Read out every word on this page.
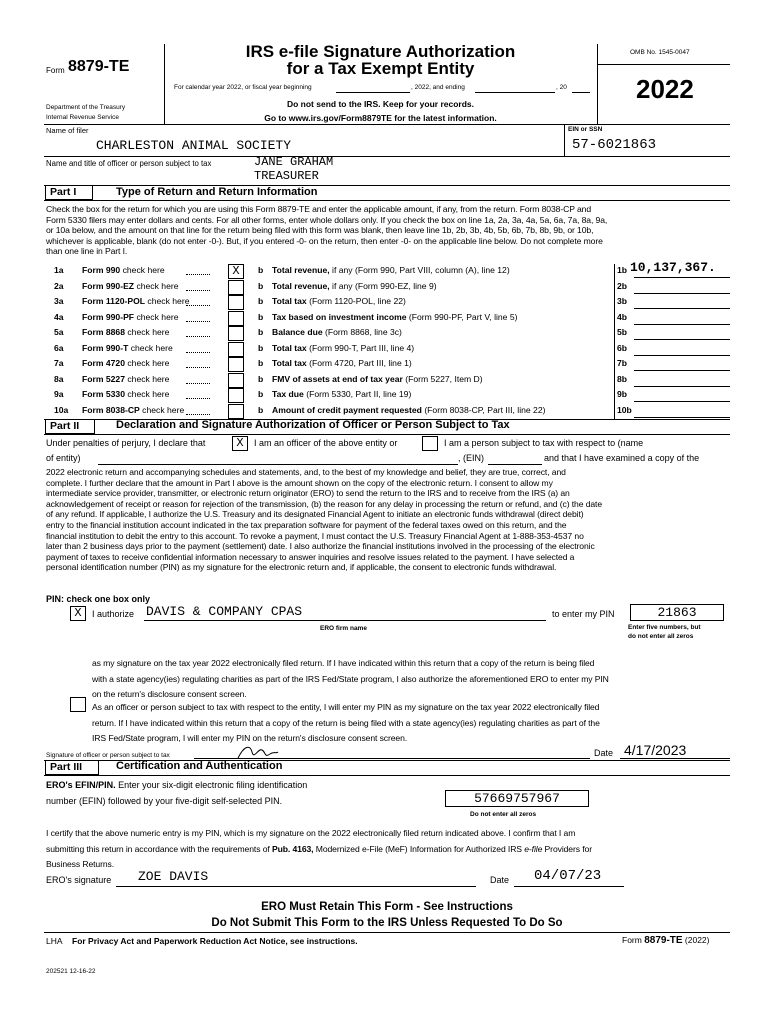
Form 8879-TE
Department of the Treasury
Internal Revenue Service
IRS e-file Signature Authorization
for a Tax Exempt Entity
For calendar year 2022, or fiscal year beginning	, 2022, and ending	, 20
Do not send to the IRS. Keep for your records.
Go to www.irs.gov/Form8879TE for the latest information.
OMB No. 1545-0047
2022
Name of filer	EIN or SSN
CHARLESTON ANIMAL SOCIETY	57-6021863
Name and title of officer or person subject to tax	JANE GRAHAM
TREASURER
Part I	Type of Return and Return Information
Check the box for the return for which you are using this Form 8879-TE and enter the applicable amount, if any, from the return. Form 8038-CP and
Form 5330 filers may enter dollars and cents. For all other forms, enter whole dollars only. If you check the box on line 1a, 2a, 3a, 4a, 5a, 6a, 7a, 8a, 9a,
or 10a below, and the amount on that line for the return being filed with this form was blank, then leave line 1b, 2b, 3b, 4b, 5b, 6b, 7b, 8b, 9b, or 10b,
whichever is applicable, blank (do not enter -0-). But, if you entered -0- on the return, then enter -0- on the applicable line below. Do not complete more
than one line in Part I.
1a Form 990 check here	X	b Total revenue, if any (Form 990, Part VIII, column (A), line 12)	1b 10,137,367.
2a Form 990-EZ check here	b Total revenue, if any (Form 990-EZ, line 9)	2b
3a Form 1120-POL check here	b Total tax (Form 1120-POL, line 22)	3b
4a Form 990-PF check here	b Tax based on investment income (Form 990-PF, Part V, line 5)	4b
5a Form 8868 check here	b Balance due (Form 8868, line 3c)	5b
6a Form 990-T check here	b Total tax (Form 990-T, Part III, line 4)	6b
7a Form 4720 check here	b Total tax (Form 4720, Part III, line 1)	7b
8a Form 5227 check here	b FMV of assets at end of tax year (Form 5227, Item D)	8b
9a Form 5330 check here	b Tax due (Form 5330, Part II, line 19)	9b
10a Form 8038-CP check here	b Amount of credit payment requested (Form 8038-CP, Part III, line 22)	10b
Part II	Declaration and Signature Authorization of Officer or Person Subject to Tax
Under penalties of perjury, I declare that	X	I am an officer of the above entity or	I am a person subject to tax with respect to (name
of entity)	, (EIN)	and that I have examined a copy of the
2022 electronic return and accompanying schedules and statements, and, to the best of my knowledge and belief, they are true, correct, and
complete. I further declare that the amount in Part I above is the amount shown on the copy of the electronic return. I consent to allow my
intermediate service provider, transmitter, or electronic return originator (ERO) to send the return to the IRS and to receive from the IRS (a) an
acknowledgement of receipt or reason for rejection of the transmission, (b) the reason for any delay in processing the return or refund, and (c) the date
of any refund. If applicable, I authorize the U.S. Treasury and its designated Financial Agent to initiate an electronic funds withdrawal (direct debit)
entry to the financial institution account indicated in the tax preparation software for payment of the federal taxes owed on this return, and the
financial institution to debit the entry to this account. To revoke a payment, I must contact the U.S. Treasury Financial Agent at 1-888-353-4537 no
later than 2 business days prior to the payment (settlement) date. I also authorize the financial institutions involved in the processing of the electronic
payment of taxes to receive confidential information necessary to answer inquiries and resolve issues related to the payment. I have selected a
personal identification number (PIN) as my signature for the electronic return and, if applicable, the consent to electronic funds withdrawal.
PIN: check one box only
X	I authorize DAVIS & COMPANY CPAS	to enter my PIN	21863
ERO firm name	Enter five numbers, but
do not enter all zeros
as my signature on the tax year 2022 electronically filed return. If I have indicated within this return that a copy of the return is being filed
with a state agency(ies) regulating charities as part of the IRS Fed/State program, I also authorize the aforementioned ERO to enter my PIN
on the return's disclosure consent screen.
As an officer or person subject to tax with respect to the entity, I will enter my PIN as my signature on the tax year 2022 electronically filed
return. If I have indicated within this return that a copy of the return is being filed with a state agency(ies) regulating charities as part of the
IRS Fed/State program, I will enter my PIN on the return's disclosure consent screen.
Signature of officer or person subject to tax	Date 4/17/2023
Part III	Certification and Authentication
ERO's EFIN/PIN. Enter your six-digit electronic filing identification
number (EFIN) followed by your five-digit self-selected PIN.	57669757967
Do not enter all zeros
I certify that the above numeric entry is my PIN, which is my signature on the 2022 electronically filed return indicated above. I confirm that I am
submitting this return in accordance with the requirements of Pub. 4163, Modernized e-File (MeF) Information for Authorized IRS e-file Providers for
Business Returns.
ERO's signature ZOE DAVIS	Date 04/07/23
ERO Must Retain This Form - See Instructions
Do Not Submit This Form to the IRS Unless Requested To Do So
LHA For Privacy Act and Paperwork Reduction Act Notice, see instructions.	Form 8879-TE (2022)
202521 12-16-22
